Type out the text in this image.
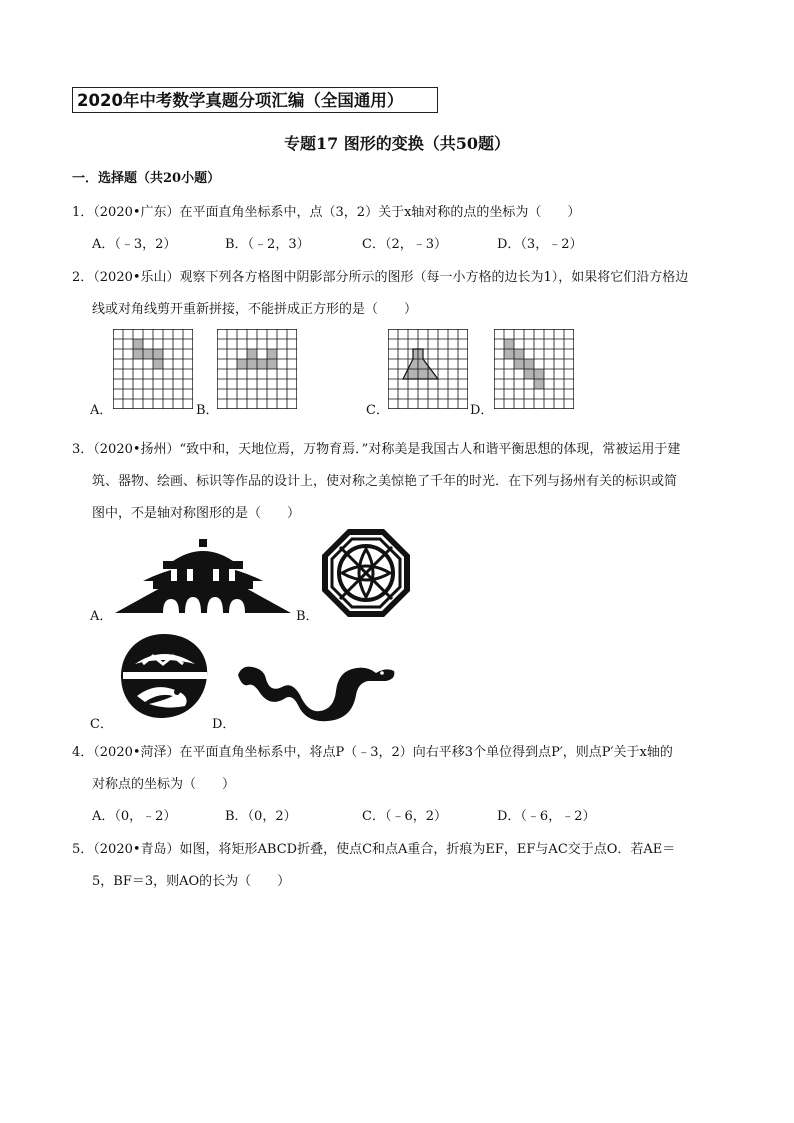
2020年中考数学真题分项汇编（全国通用）
专题17 图形的变换（共50题）
一．选择题（共20小题）
1．（2020•广东）在平面直角坐标系中，点（3，2）关于x轴对称的点的坐标为（　　）
A．（﹣3，2）	B．（﹣2，3）	C．（2，﹣3）	D．（3，﹣2）
2．（2020•乐山）观察下列各方格图中阴影部分所示的图形（每一小方格的边长为1），如果将它们沿方格边
线或对角线剪开重新拼接，不能拼成正方形的是（　　）
A．	B．	C．	D．
3．（2020•扬州）“致中和，天地位焉，万物育焉．”对称美是我国古人和谐平衡思想的体现，常被运用于建
筑、器物、绘画、标识等作品的设计上，使对称之美惊艳了千年的时光．在下列与扬州有关的标识或简
图中，不是轴对称图形的是（　　）
A．	B．
C．	D．
4．（2020•菏泽）在平面直角坐标系中，将点P（﹣3，2）向右平移3个单位得到点P′，则点P′关于x轴的
对称点的坐标为（　　）
A．（0，﹣2）	B．（0，2）	C．（﹣6，2）	D．（﹣6，﹣2）
5．（2020•青岛）如图，将矩形ABCD折叠，使点C和点A重合，折痕为EF，EF与AC交于点O．若AE＝
5，BF＝3，则AO的长为（　　）
